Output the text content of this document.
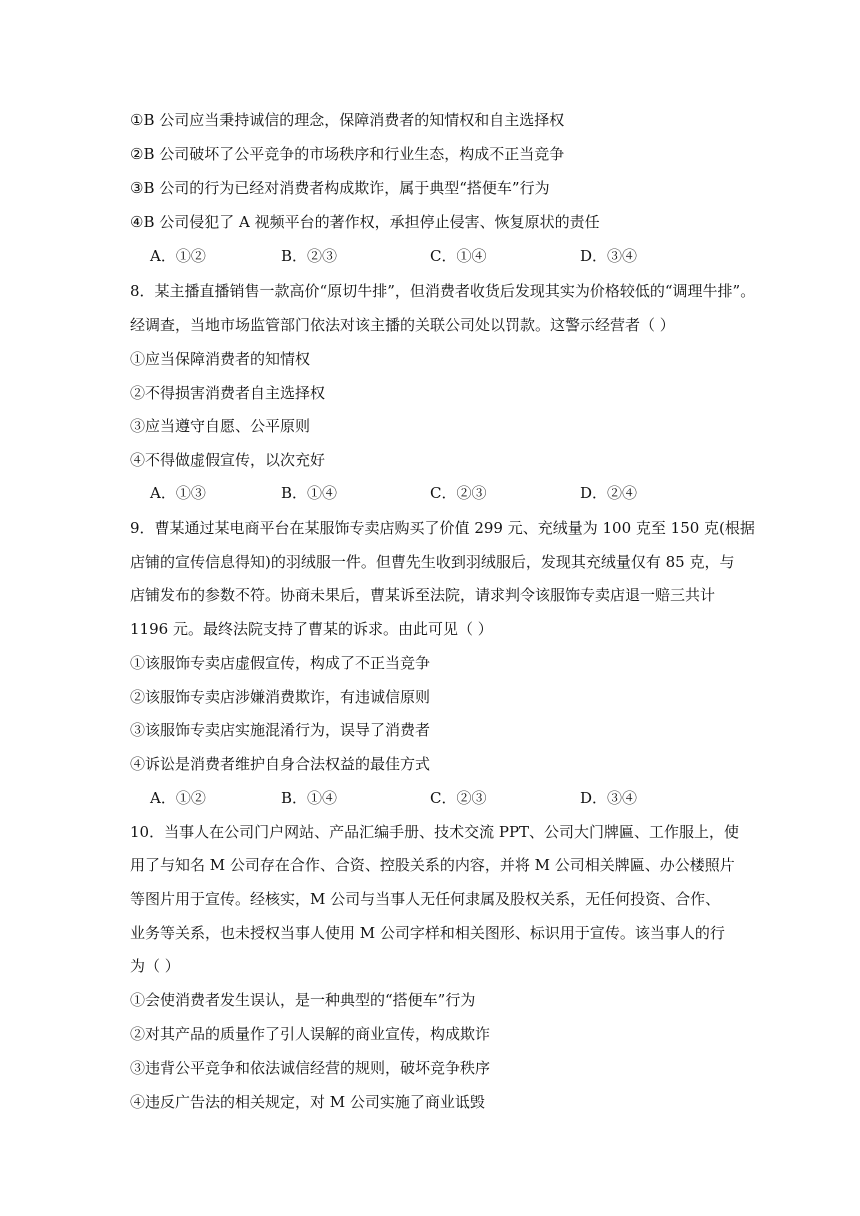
①B 公司应当秉持诚信的理念，保障消费者的知情权和自主选择权
②B 公司破坏了公平竞争的市场秩序和行业生态，构成不正当竞争
③B 公司的行为已经对消费者构成欺诈，属于典型“搭便车”行为
④B 公司侵犯了 A 视频平台的著作权，承担停止侵害、恢复原状的责任
A．①②	B．②③	C．①④	D．③④
8．某主播直播销售一款高价“原切牛排”，但消费者收货后发现其实为价格较低的“调理牛排”。
经调查，当地市场监管部门依法对该主播的关联公司处以罚款。这警示经营者（ ）
①应当保障消费者的知情权
②不得损害消费者自主选择权
③应当遵守自愿、公平原则
④不得做虚假宣传，以次充好
A．①③	B．①④	C．②③	D．②④
9．曹某通过某电商平台在某服饰专卖店购买了价值 299 元、充绒量为 100 克至 150 克(根据
店铺的宣传信息得知)的羽绒服一件。但曹先生收到羽绒服后，发现其充绒量仅有 85 克，与
店铺发布的参数不符。协商未果后，曹某诉至法院，请求判令该服饰专卖店退一赔三共计
1196 元。最终法院支持了曹某的诉求。由此可见（ ）
①该服饰专卖店虚假宣传，构成了不正当竞争
②该服饰专卖店涉嫌消费欺诈，有违诚信原则
③该服饰专卖店实施混淆行为，误导了消费者
④诉讼是消费者维护自身合法权益的最佳方式
A．①②	B．①④	C．②③	D．③④
10．当事人在公司门户网站、产品汇编手册、技术交流 PPT、公司大门牌匾、工作服上，使
用了与知名 M 公司存在合作、合资、控股关系的内容，并将 M 公司相关牌匾、办公楼照片
等图片用于宣传。经核实，M 公司与当事人无任何隶属及股权关系，无任何投资、合作、
业务等关系，也未授权当事人使用 M 公司字样和相关图形、标识用于宣传。该当事人的行
为（ ）
①会使消费者发生误认，是一种典型的“搭便车”行为
②对其产品的质量作了引人误解的商业宣传，构成欺诈
③违背公平竞争和依法诚信经营的规则，破坏竞争秩序
④违反广告法的相关规定，对 M 公司实施了商业诋毁
